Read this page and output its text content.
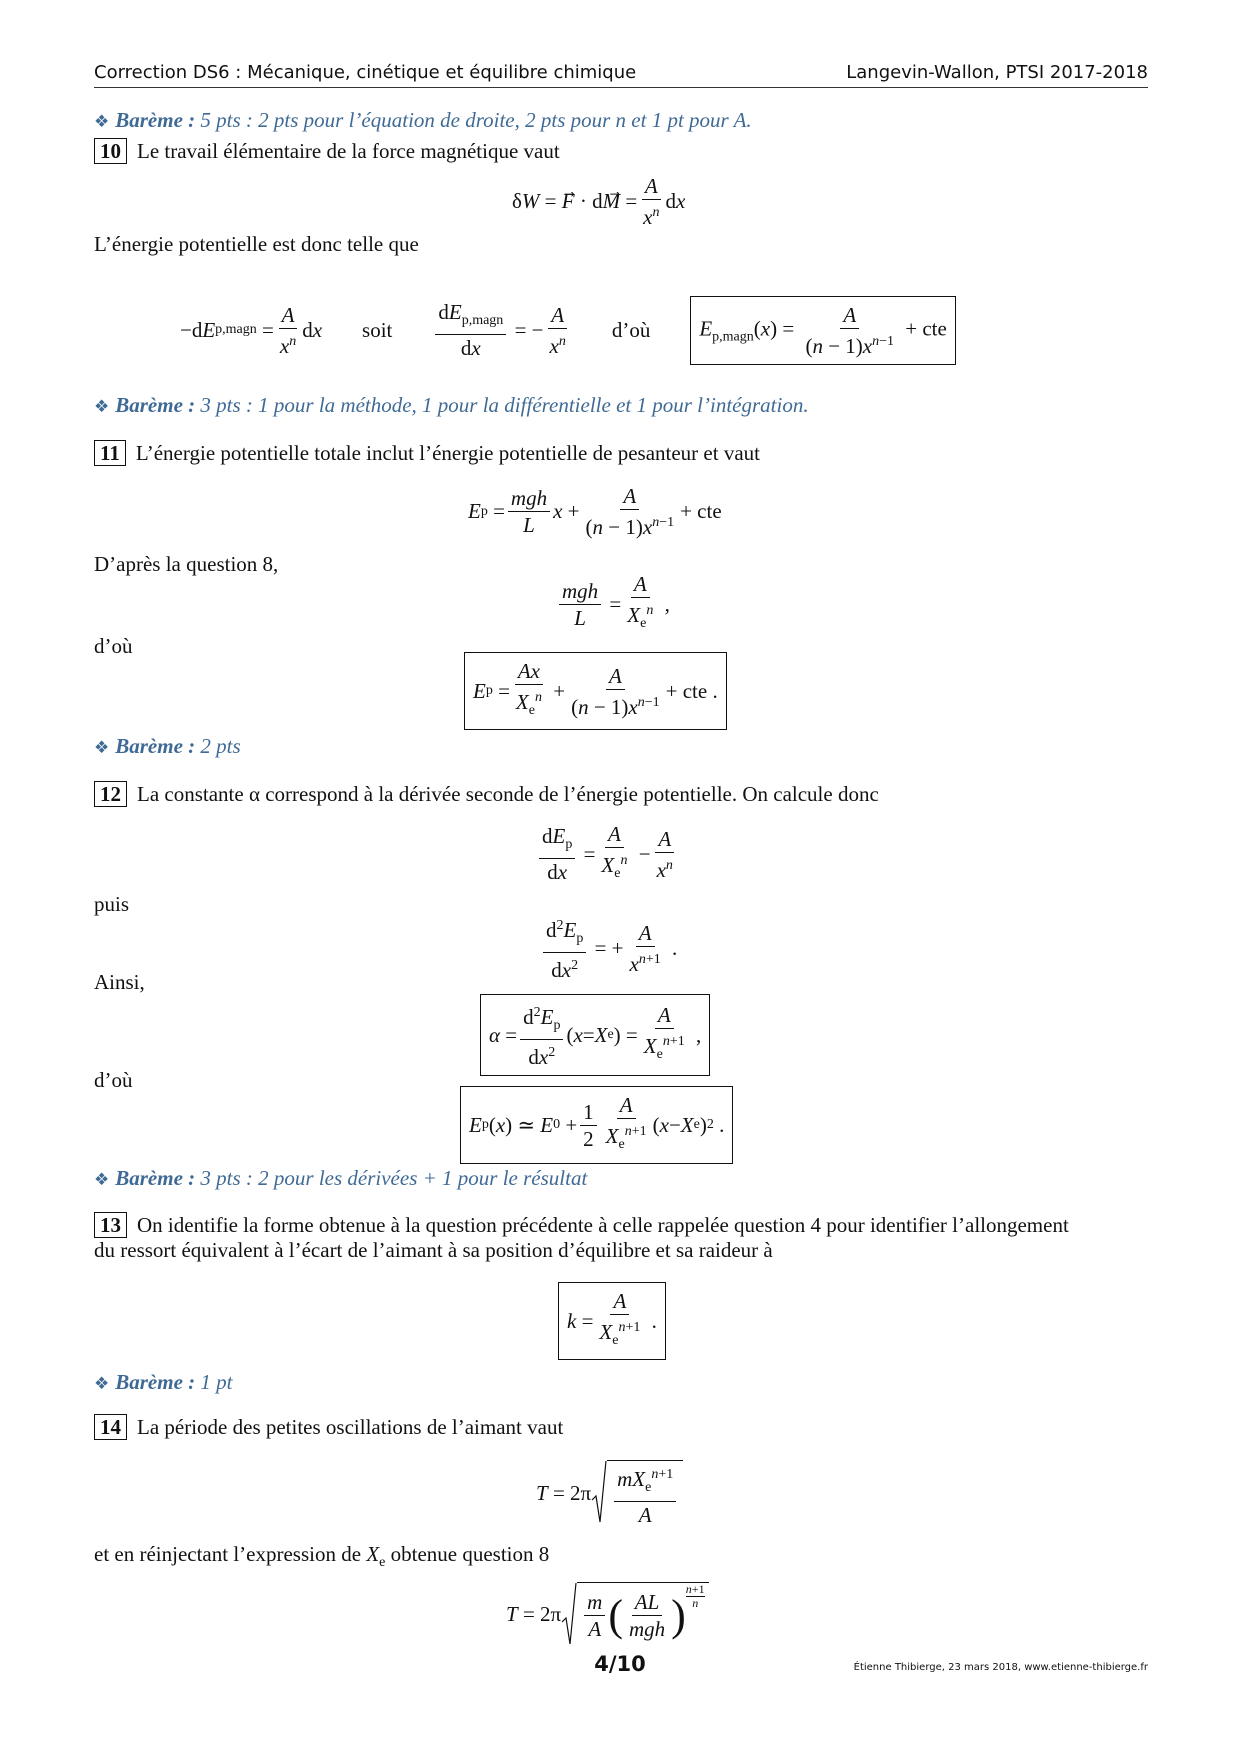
Correction DS6 : Mécanique, cinétique et équilibre chimique	Langevin-Wallon, PTSI 2017-2018
❖ Barème : 5 pts : 2 pts pour l’équation de droite, 2 pts pour n et 1 pt pour A.
10 Le travail élémentaire de la force magnétique vaut
δ W = F ⃗ · d M ⃗ = $\frac{A}{x^n}$ d x
L’énergie potentielle est donc telle que
−d E p,magn = $\frac{A}{x^n}$ d x soit $\frac{dE_{p,magn}}{dx}$ = − $\frac{A}{x^n}$ d’où	$E_{p,magn}(x) = \frac{A}{(n - 1)x^{n-1}}$ + cte
❖ Barème : 3 pts : 1 pour la méthode, 1 pour la différentielle et 1 pour l’intégration.
11 L’énergie potentielle totale inclut l’énergie potentielle de pesanteur et vaut
E $p = \frac{\text{mgh}}{L}$ $x + \frac{A}{(n - 1)x^{n-1}}$ + cte
D’après la question 8,
$\frac{\text{mgh}}{L} = \frac{A}{X_e^n}$ ,
d’où
E $p = \frac{Ax}{X_e^n} + \frac{A}{(n - 1)x^{n-1}}$ + cte .
❖ Barème : 2 pts
12 La constante α correspond à la dérivée seconde de l’énergie potentielle. On calcule donc
$\frac{dE_p}{dx} = \frac{A}{X_e^n} - \frac{A}{x^n}$
puis
$\frac{d^2E_p}{dx^2}$ = + $\frac{A}{x^{n+1}}$ .
Ainsi,
$\alpha = \frac{d^2E_p}{dx^2}$ ( x = X e ) = $\frac{A}{X_e^{n+1}}$ ,
d’où
E p ( x ) ≃ E $0 + \frac{1}{2} \frac{A}{X_e^{n+1}}$ ( x − X e ) 2 .
❖ Barème : 3 pts : 2 pour les dérivées + 1 pour le résultat
13 On identifie la forme obtenue à la question précédente à celle rappelée question 4 pour identifier l’allongement
du ressort équivalent à l’écart de l’aimant à sa position d’équilibre et sa raideur à
$k = \frac{A}{X_e^{n+1}}$ .
❖ Barème : 1 pt
14 La période des petites oscillations de l’aimant vaut
$T = 2\pi \frac{mX_e^{n+1}}{A}$
et en réinjectant l’expression de $X_e$ obtenue question 8
$T = 2\pi \frac{m}{A}$ ( $\frac{AL}{\text{mgh}}$ )
n+1
n
4/10	Étienne Thibierge, 23 mars 2018, www.etienne-thibierge.fr
